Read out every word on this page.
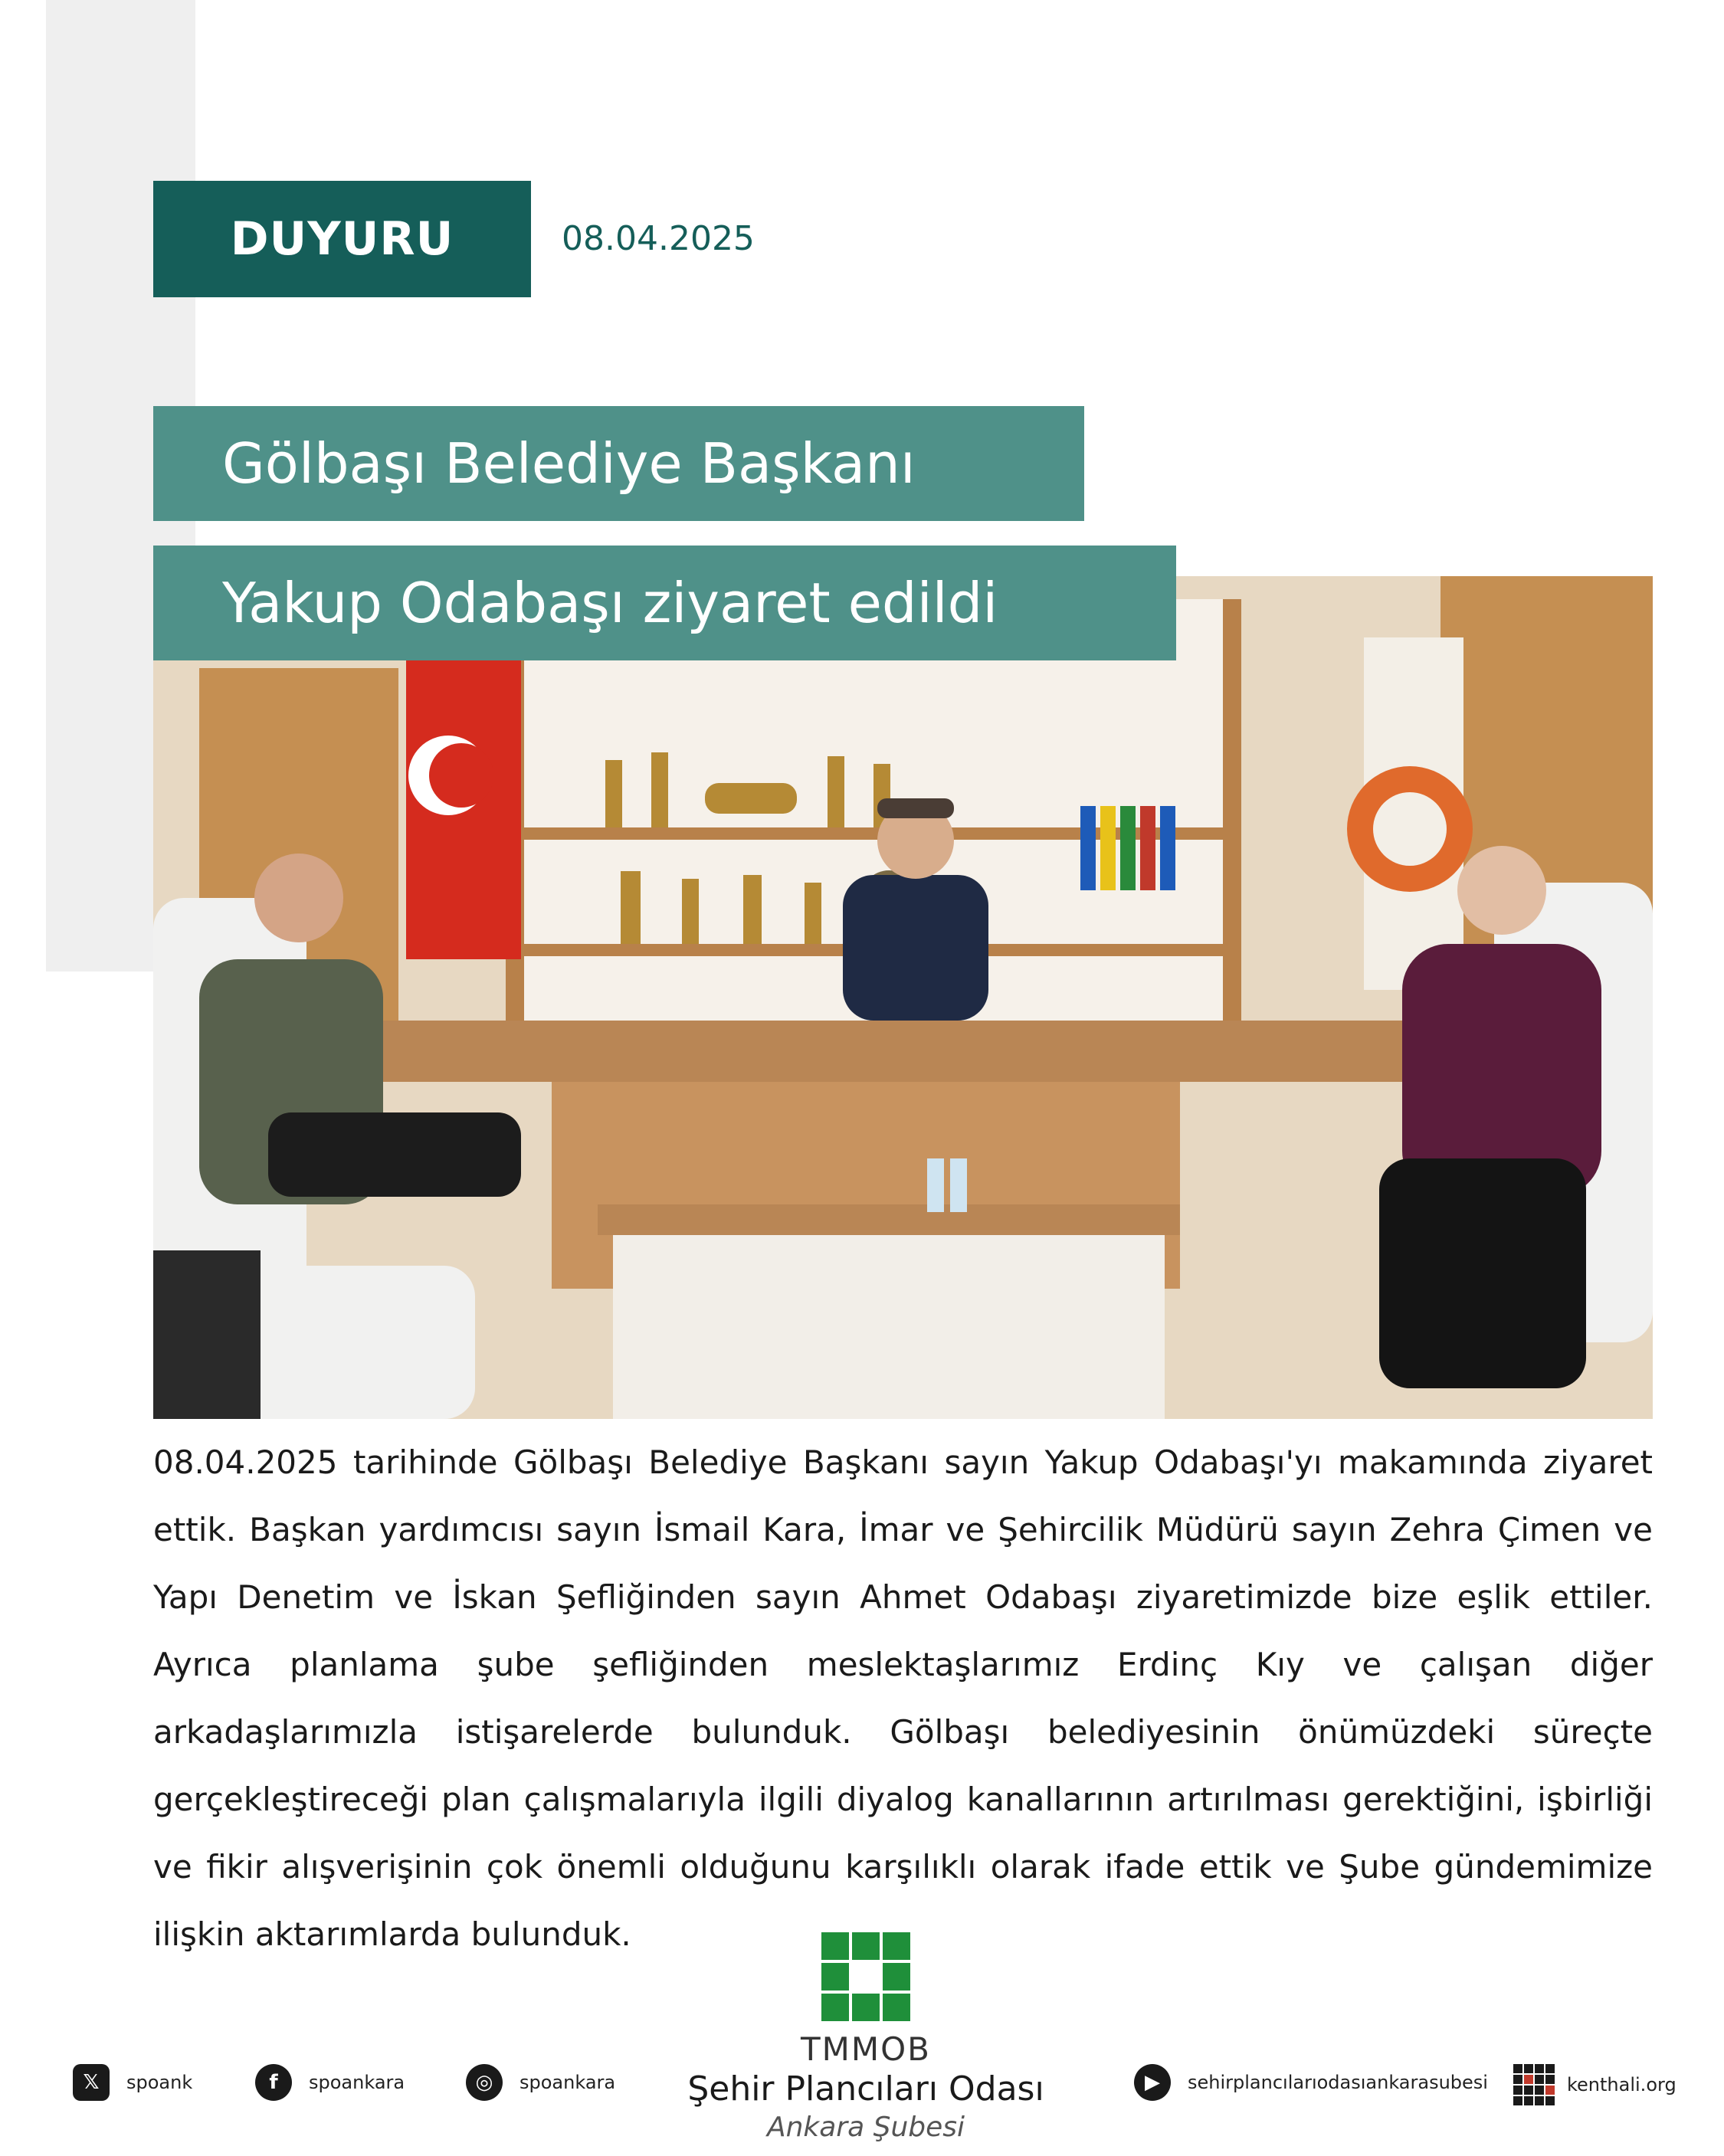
DUYURU	08.04.2025
Gölbaşı Belediye Başkanı
Yakup Odabaşı ziyaret edildi
08.04.2025 tarihinde Gölbaşı Belediye Başkanı sayın Yakup Odabaşı'yı makamında ziyaret ettik. Başkan yardımcısı sayın İsmail Kara, İmar ve Şehircilik Müdürü sayın Zehra Çimen ve Yapı Denetim ve İskan Şefliğinden sayın Ahmet Odabaşı ziyaretimizde bize eşlik ettiler. Ayrıca planlama şube şefliğinden meslektaşlarımız Erdinç Kıy ve çalışan diğer arkadaşlarımızla istişarelerde bulunduk. Gölbaşı belediyesinin önümüzdeki süreçte gerçekleştireceği plan çalışmalarıyla ilgili diyalog kanallarının artırılması gerektiğini, işbirliği ve fikir alışverişinin çok önemli olduğunu karşılıklı olarak ifade ettik ve Şube gündemimize ilişkin aktarımlarda bulunduk.
TMMOB
Şehir Plancıları Odası
Ankara Şubesi
𝕏	spoank	f	spoankara	◎	spoankara	▶	sehirplancılarıodasıankarasubesi	kenthali.org
